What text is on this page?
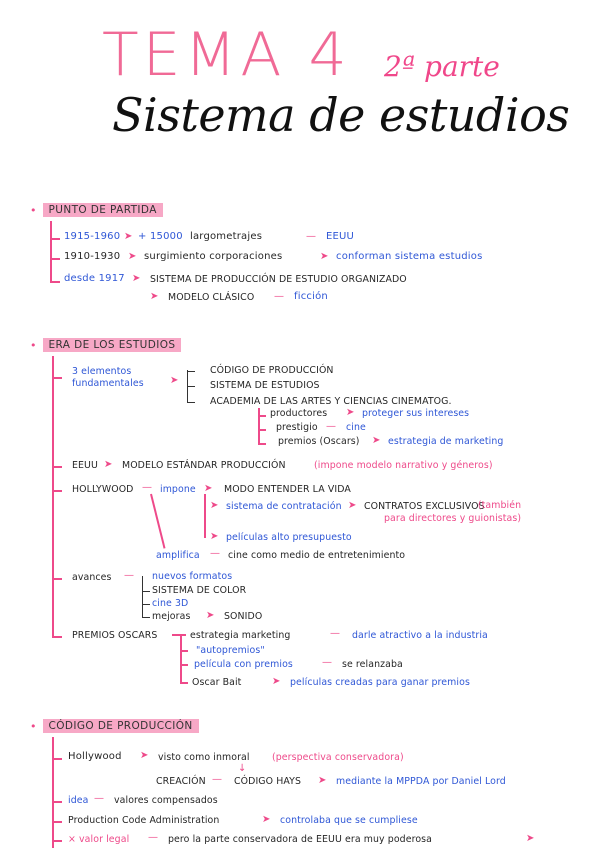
TEMA 4 2ª parte
Sistema de estudios
•	PUNTO DE PARTIDA
1915-1960 ➤ + 15000 largometrajes	— EEUU
1910-1930 ➤ surgimiento corporaciones	➤ conforman sistema estudios
desde 1917 ➤ SISTEMA DE PRODUCCIÓN DE ESTUDIO ORGANIZADO
➤ MODELO CLÁSICO — ficción
•	ERA DE LOS ESTUDIOS
3 elementos
fundamentales	➤
CÓDIGO DE PRODUCCIÓN
SISTEMA DE ESTUDIOS
ACADEMIA DE LAS ARTES Y CIENCIAS CINEMATOG.
productores ➤ proteger sus intereses
prestigio — cine
premios (Oscars) ➤ estrategia de marketing
EEUU ➤ MODELO ESTÁNDAR PRODUCCIÓN	(impone modelo narrativo y géneros)
HOLLYWOOD — impone ➤ MODO ENTENDER LA VIDA
➤ sistema de contratación ➤ CONTRATOS EXCLUSIVOS
(también
para directores y guionistas)
➤ películas alto presupuesto
amplifica — cine como medio de entretenimiento
avances — nuevos formatos
SISTEMA DE COLOR
cine 3D
mejoras ➤ SONIDO
PREMIOS OSCARS	estrategia marketing	— darle atractivo a la industria
"autopremios"
película con premios	— se relanzaba
Oscar Bait	➤ películas creadas para ganar premios
•	CÓDIGO DE PRODUCCIÓN
Hollywood ➤ visto como inmoral (perspectiva conservadora)
↓
CREACIÓN — CÓDIGO HAYS ➤ mediante la MPPDA por Daniel Lord
idea — valores compensados
Production Code Administration	➤ controlaba que se cumpliese
× valor legal — pero la parte conservadora de EEUU era muy poderosa	➤
